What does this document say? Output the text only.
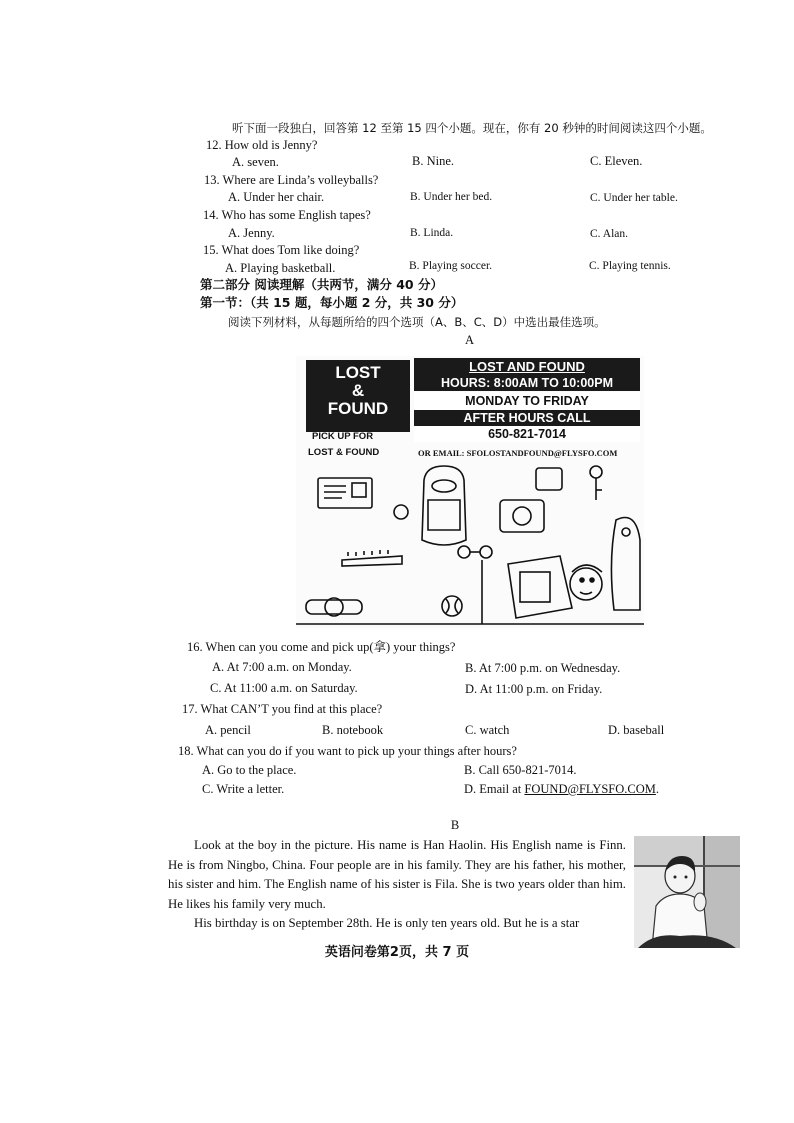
听下面一段独白，回答第 12 至第 15 四个小题。现在，你有 20 秒钟的时间阅读这四个小题。
12. How old is Jenny?
A. seven.	B. Nine.	C. Eleven.
13. Where are Linda’s volleyballs?
A. Under her chair.	B. Under her bed.	C. Under her table.
14. Who has some English tapes?
A. Jenny.	B. Linda.	C. Alan.
15. What does Tom like doing?
A. Playing basketball.	B. Playing soccer.	C. Playing tennis.
第二部分 阅读理解（共两节，满分 40 分）
第一节：（共 15 题，每小题 2 分，共 30 分）
阅读下列材料，从每题所给的四个选项（A、B、C、D）中选出最佳选项。
A
LOST
&
FOUND
LOST AND FOUND
HOURS: 8:00AM TO 10:00PM
MONDAY TO FRIDAY
AFTER HOURS CALL
650-821-7014
PICK UP FOR
LOST & FOUND	OR EMAIL: SFOLOSTANDFOUND@FLYSFO.COM
16. When can you come and pick up(拿) your things?
A. At 7:00 a.m. on Monday.	B. At 7:00 p.m. on Wednesday.
C. At 11:00 a.m. on Saturday.	D. At 11:00 p.m. on Friday.
17. What CAN’T you find at this place?
A. pencil	B. notebook	C. watch	D. baseball
18. What can you do if you want to pick up your things after hours?
A. Go to the place.	B. Call 650-821-7014.
C. Write a letter.	D. Email at FOUND@FLYSFO.COM.
B

Look at the boy in the picture. His name is Han Haolin. His English name is Finn. He is from Ningbo, China. Four people are in his family. They are his father, his mother, his sister and him. The English name of his sister is Fila. She is two years older than him. He likes his family very much.

His birthday is on September 28th. He is only ten years old. But he is a star

英语问卷第2页，共 7 页
